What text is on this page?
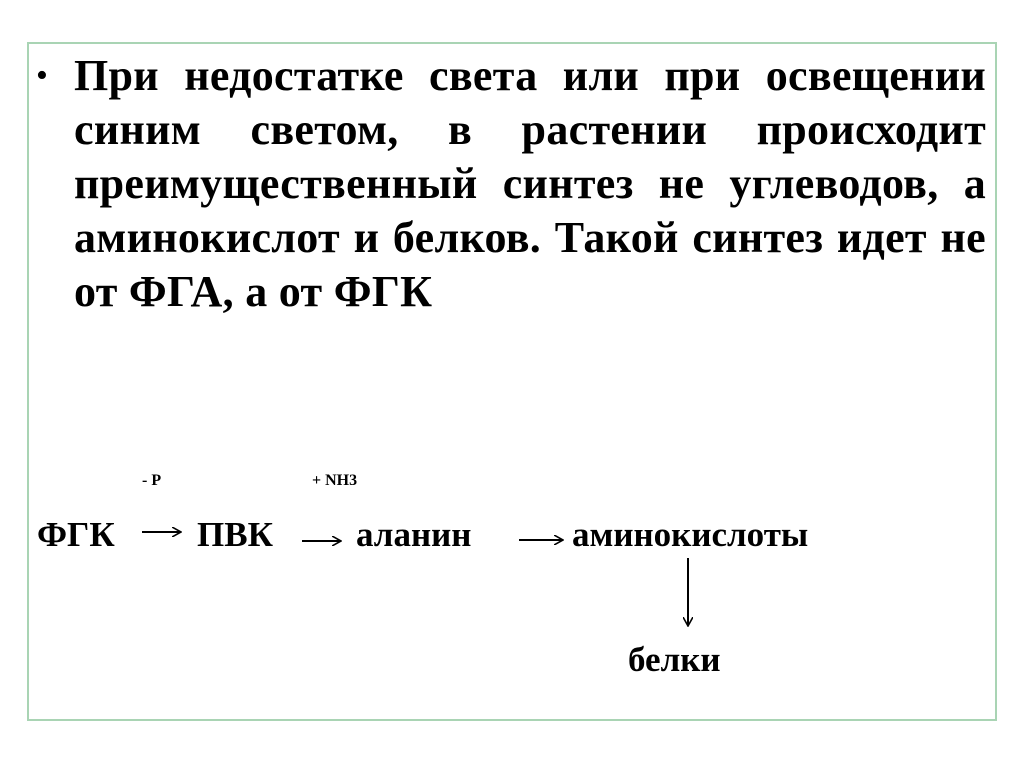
• При недостатке света или при освещении синим светом, в растении происходит преимущественный синтез не углеводов, а аминокислот и белков. Такой синтез идет не от ФГА, а от ФГК
- P	+ NH3
ФГК ПВК аланин	аминокислоты
белки
